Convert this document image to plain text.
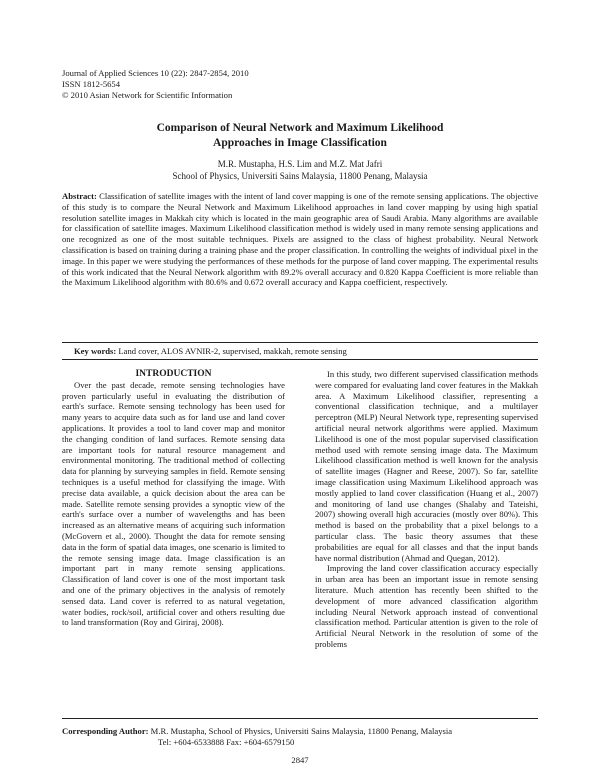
Journal of Applied Sciences 10 (22): 2847-2854, 2010
ISSN 1812-5654
© 2010 Asian Network for Scientific Information
Comparison of Neural Network and Maximum Likelihood
Approaches in Image Classification
M.R. Mustapha, H.S. Lim and M.Z. Mat Jafri
School of Physics, Universiti Sains Malaysia, 11800 Penang, Malaysia
Abstract: Classification of satellite images with the intent of land cover mapping is one of the remote sensing applications. The objective of this study is to compare the Neural Network and Maximum Likelihood approaches in land cover mapping by using high spatial resolution satellite images in Makkah city which is located in the main geographic area of Saudi Arabia. Many algorithms are available for classification of satellite images. Maximum Likelihood classification method is widely used in many remote sensing applications and one recognized as one of the most suitable techniques. Pixels are assigned to the class of highest probability. Neural Network classification is based on training during a training phase and the proper classification. In controlling the weights of individual pixel in the image. In this paper we were studying the performances of these methods for the purpose of land cover mapping. The experimental results of this work indicated that the Neural Network algorithm with 89.2% overall accuracy and 0.820 Kappa Coefficient is more reliable than the Maximum Likelihood algorithm with 80.6% and 0.672 overall accuracy and Kappa coefficient, respectively.
Key words: Land cover, ALOS AVNIR-2, supervised, makkah, remote sensing

INTRODUCTION

Over the past decade, remote sensing technologies have proven particularly useful in evaluating the distribution of earth's surface. Remote sensing technology has been used for many years to acquire data such as for land use and land cover applications. It provides a tool to land cover map and monitor the changing condition of land surfaces. Remote sensing data are important tools for natural resource management and environmental monitoring. The traditional method of collecting data for planning by surveying samples in field. Remote sensing techniques is a useful method for classifying the image. With precise data available, a quick decision about the area can be made. Satellite remote sensing provides a synoptic view of the earth's surface over a number of wavelengths and has been increased as an alternative means of acquiring such information (McGovern et al., 2000). Thought the data for remote sensing data in the form of spatial data images, one scenario is limited to the remote sensing image data. Image classification is an important part in many remote sensing applications. Classification of land cover is one of the most important task and one of the primary objectives in the analysis of remotely sensed data. Land cover is referred to as natural vegetation, water bodies, rock/soil, artificial cover and others resulting due to land transformation (Roy and Giriraj, 2008).

In this study, two different supervised classification methods were compared for evaluating land cover features in the Makkah area. A Maximum Likelihood classifier, representing a conventional classification technique, and a multilayer perceptron (MLP) Neural Network type, representing supervised artificial neural network algorithms were applied. Maximum Likelihood is one of the most popular supervised classification method used with remote sensing image data. The Maximum Likelihood classification method is well known for the analysis of satellite images (Hagner and Reese, 2007). So far, satellite image classification using Maximum Likelihood approach was mostly applied to land cover classification (Huang et al., 2007) and monitoring of land use changes (Shalaby and Tateishi, 2007) showing overall high accuracies (mostly over 80%). This method is based on the probability that a pixel belongs to a particular class. The basic theory assumes that these probabilities are equal for all classes and that the input bands have normal distribution (Ahmad and Quegan, 2012).

Improving the land cover classification accuracy especially in urban area has been an important issue in remote sensing literature. Much attention has recently been shifted to the development of more advanced classification algorithm including Neural Network approach instead of conventional classification method. Particular attention is given to the role of Artificial Neural Network in the resolution of some of the problems

Corresponding Author: M.R. Mustapha, School of Physics, Universiti Sains Malaysia, 11800 Penang, Malaysia
Tel: +604-6533888 Fax: +604-6579150
2847
